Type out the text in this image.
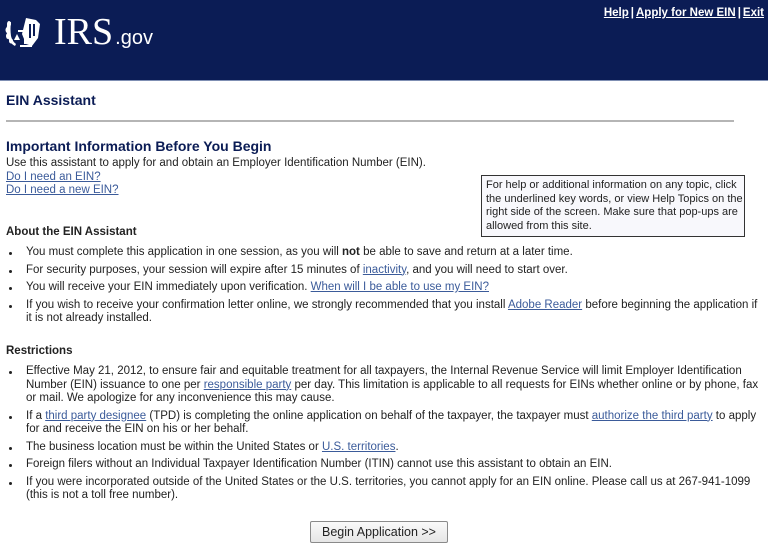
IRS .gov
Help | Apply for New EIN | Exit
EIN Assistant
Important Information Before You Begin
Use this assistant to apply for and obtain an Employer Identification Number (EIN).
Do I need an EIN?
Do I need a new EIN?	For help or additional information on any topic, click the underlined key words, or view Help Topics on the right side of the screen. Make sure that pop-ups are allowed from this site.
About the EIN Assistant
You must complete this application in one session, as you will not be able to save and return at a later time.
For security purposes, your session will expire after 15 minutes of inactivity, and you will need to start over.
You will receive your EIN immediately upon verification. When will I be able to use my EIN?
If you wish to receive your confirmation letter online, we strongly recommended that you install Adobe Reader before beginning the application if it is not already installed.
Restrictions
Effective May 21, 2012, to ensure fair and equitable treatment for all taxpayers, the Internal Revenue Service will limit Employer Identification Number (EIN) issuance to one per responsible party per day. This limitation is applicable to all requests for EINs whether online or by phone, fax or mail. We apologize for any inconvenience this may cause.
If a third party designee (TPD) is completing the online application on behalf of the taxpayer, the taxpayer must authorize the third party to apply for and receive the EIN on his or her behalf.
The business location must be within the United States or U.S. territories.
Foreign filers without an Individual Taxpayer Identification Number (ITIN) cannot use this assistant to obtain an EIN.
If you were incorporated outside of the United States or the U.S. territories, you cannot apply for an EIN online. Please call us at 267-941-1099 (this is not a toll free number).
Begin Application >>
